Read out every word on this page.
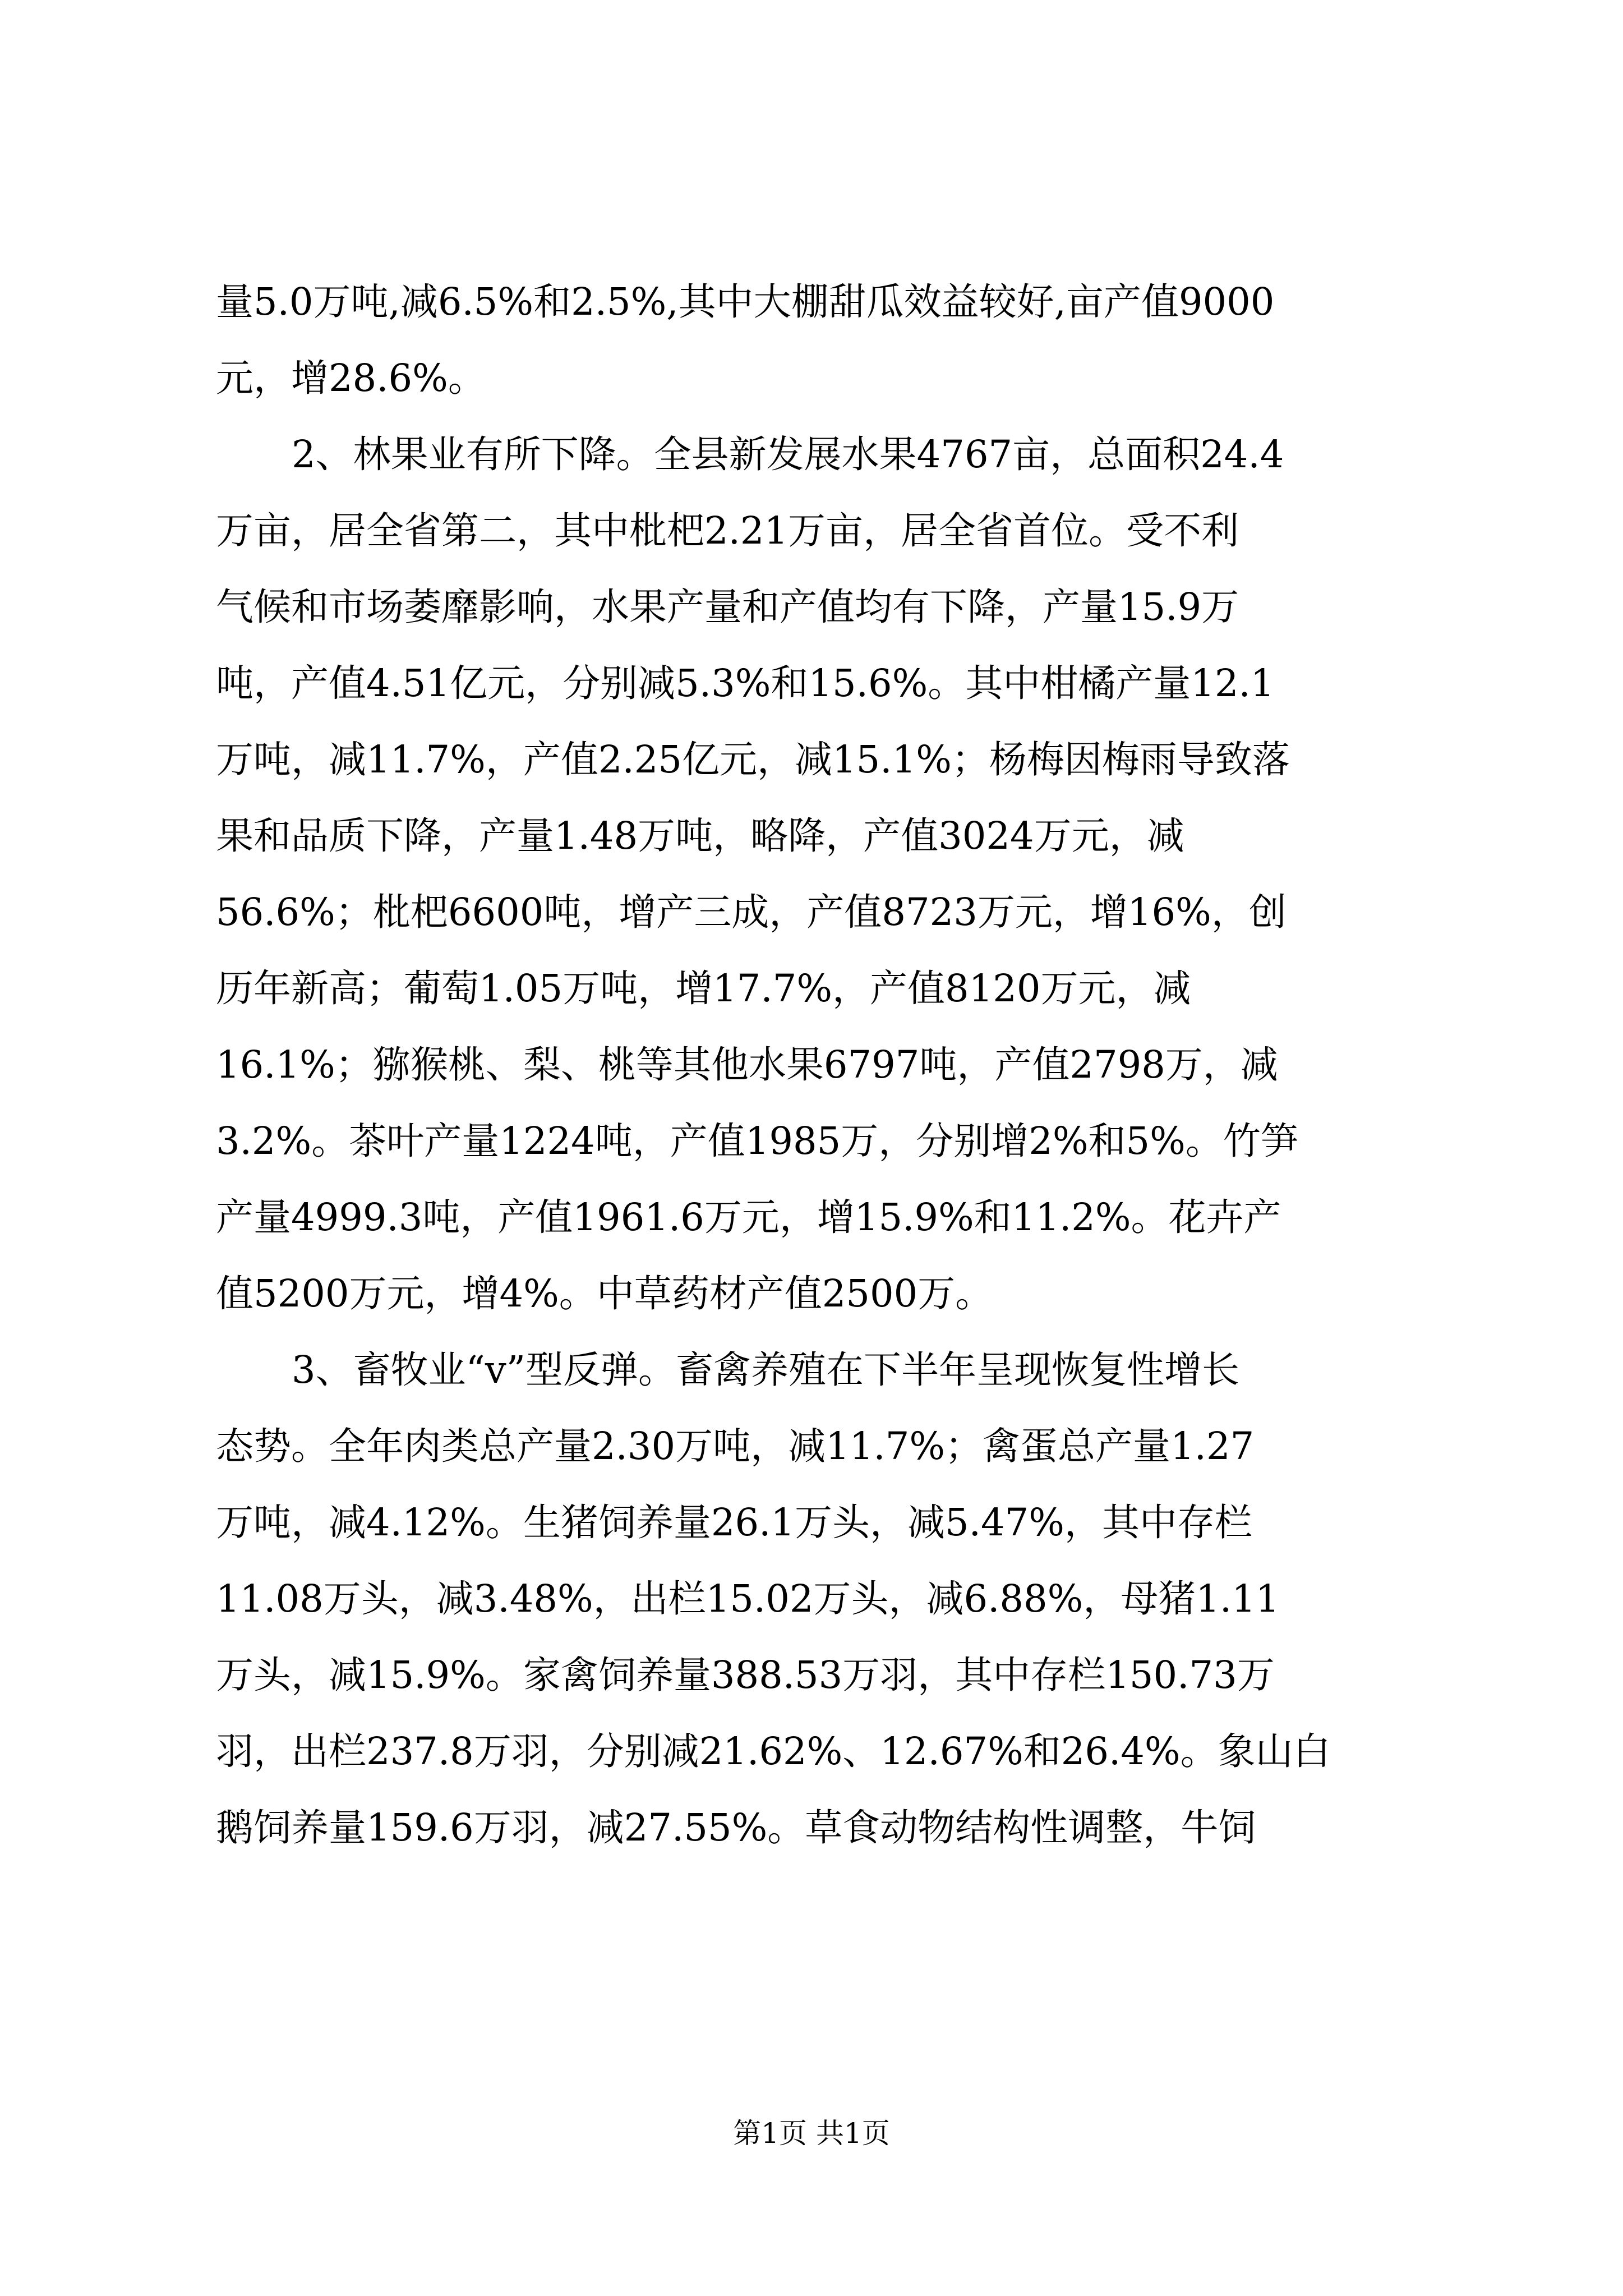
量5.0万吨,减6.5%和2.5%,其中大棚甜瓜效益较好,亩产值9000
元，增28.6%。
2、林果业有所下降。全县新发展水果4767亩，总面积24.4
万亩，居全省第二，其中枇杷2.21万亩，居全省首位。受不利
气候和市场萎靡影响，水果产量和产值均有下降，产量15.9万
吨，产值4.51亿元，分别减5.3%和15.6%。其中柑橘产量12.1
万吨，减11.7%，产值2.25亿元，减15.1%；杨梅因梅雨导致落
果和品质下降，产量1.48万吨，略降，产值3024万元，减
56.6%；枇杷6600吨，增产三成，产值8723万元，增16%，创
历年新高；葡萄1.05万吨，增17.7%，产值8120万元，减
16.1%；猕猴桃、梨、桃等其他水果6797吨，产值2798万，减
3.2%。茶叶产量1224吨，产值1985万，分别增2%和5%。竹笋
产量4999.3吨，产值1961.6万元，增15.9%和11.2%。花卉产
值5200万元，增4%。中草药材产值2500万。
3、畜牧业“v”型反弹。畜禽养殖在下半年呈现恢复性增长
态势。全年肉类总产量2.30万吨，减11.7%；禽蛋总产量1.27
万吨，减4.12%。生猪饲养量26.1万头，减5.47%，其中存栏
11.08万头，减3.48%，出栏15.02万头，减6.88%，母猪1.11
万头，减15.9%。家禽饲养量388.53万羽，其中存栏150.73万
羽，出栏237.8万羽，分别减21.62%、12.67%和26.4%。象山白
鹅饲养量159.6万羽，减27.55%。草食动物结构性调整，牛饲
第1页 共1页
